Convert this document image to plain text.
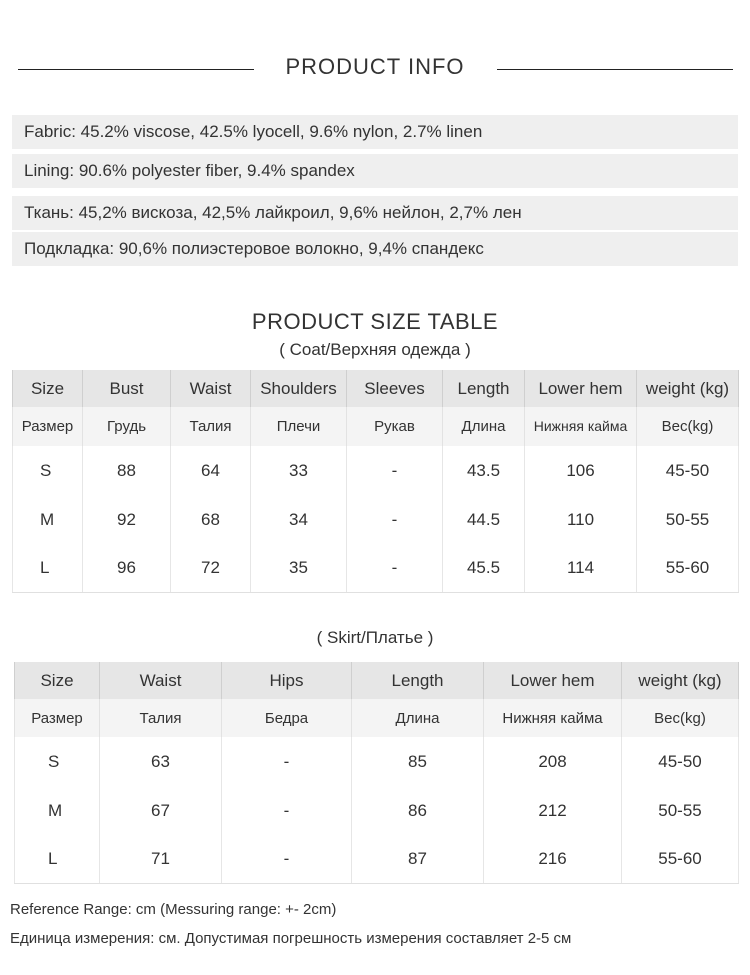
PRODUCT INFO
Fabric: 45.2% viscose, 42.5% lyocell, 9.6% nylon, 2.7% linen
Lining: 90.6% polyester fiber, 9.4% spandex
Ткань: 45,2% вискоза, 42,5% лайкроил, 9,6% нейлон, 2,7% лен
Подкладка: 90,6% полиэстеровое волокно, 9,4% спандекс
PRODUCT SIZE TABLE
( Coat/Верхняя одежда )
Size	Bust	Waist	Shoulders	Sleeves	Length	Lower hem	weight (kg)
Размер	Грудь	Талия	Плечи	Рукав	Длина	Нижняя кайма	Вес(kg)
S	88	64	33	-	43.5	106	45-50
M	92	68	34	-	44.5	110	50-55
L	96	72	35	-	45.5	114	55-60
( Skirt/Платье )
Size	Waist	Hips	Length	Lower hem	weight (kg)
Размер	Талия	Бедра	Длина	Нижняя кайма	Вес(kg)
S	63	-	85	208	45-50
M	67	-	86	212	50-55
L	71	-	87	216	55-60
Reference Range: cm (Messuring range: +- 2cm)
Единица измерения: см. Допустимая погрешность измерения составляет 2-5 см
